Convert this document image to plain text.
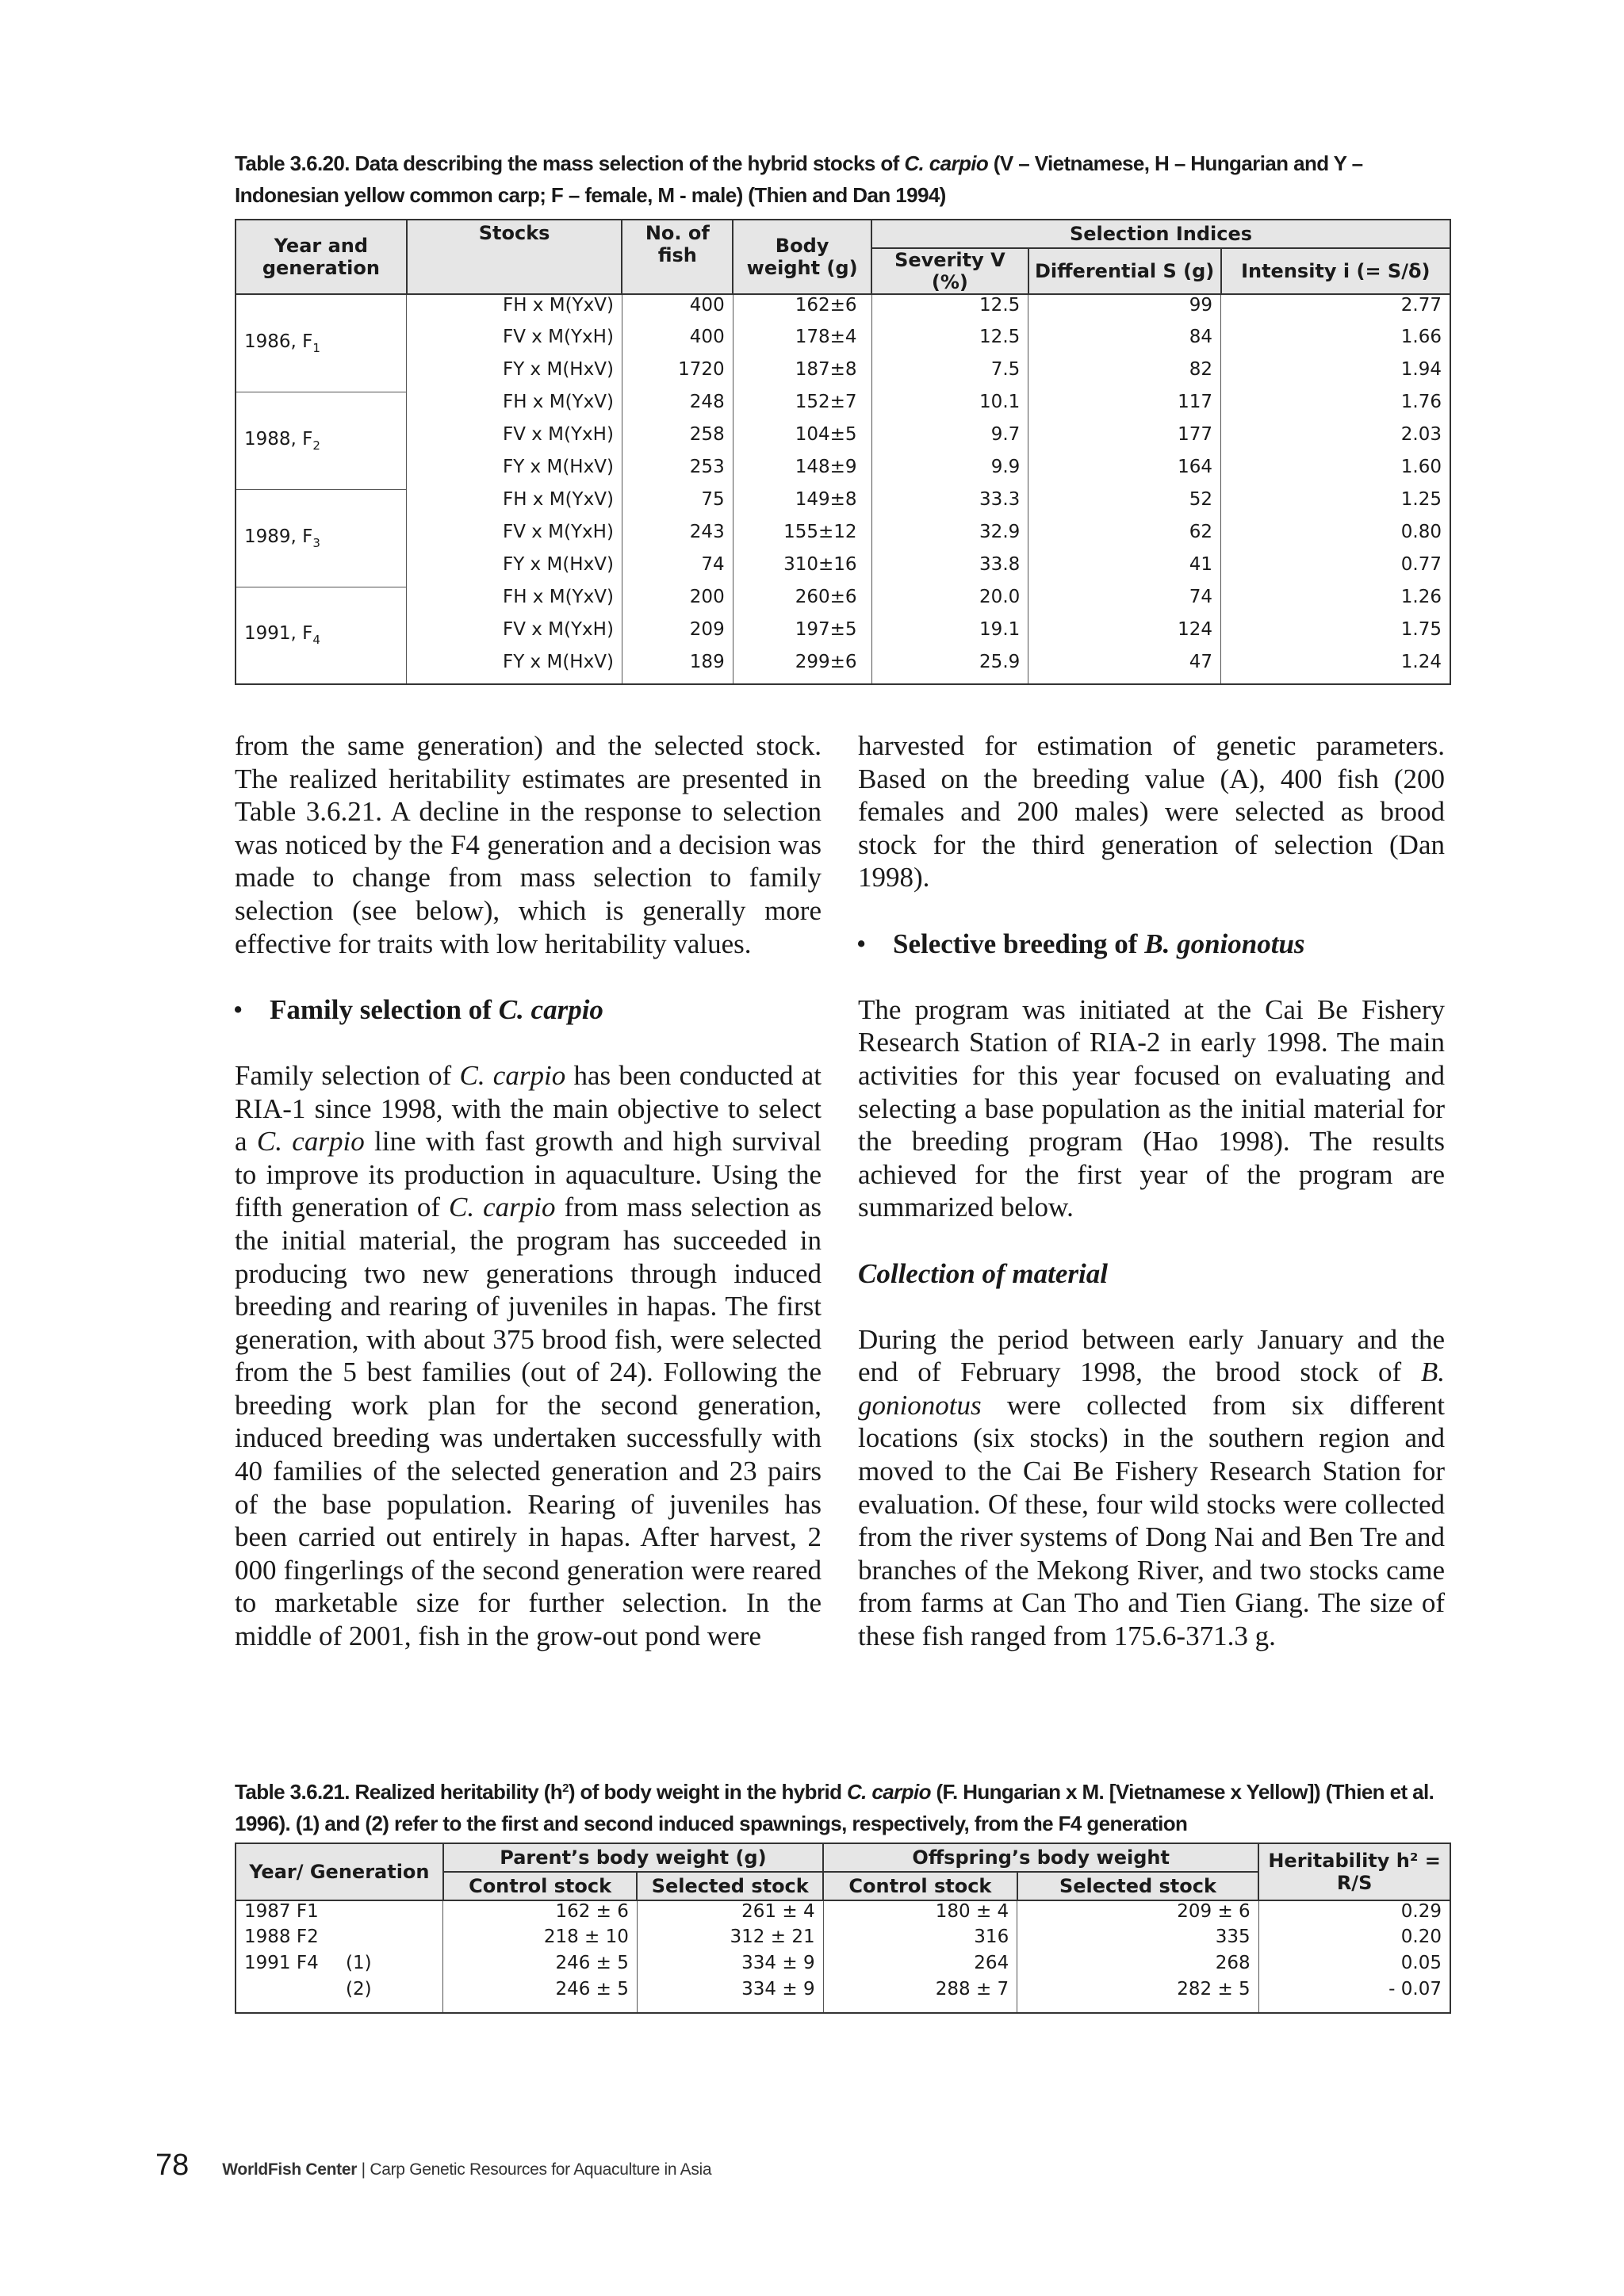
Table 3.6.20. Data describing the mass selection of the hybrid stocks of C. carpio (V – Vietnamese, H – Hungarian and Y – Indonesian yellow common carp; F – female, M - male) (Thien and Dan 1994)
Year and generation	Stocks	No. of fish	Body weight (g)	Selection Indices		
				Severity V (%)	Differential S (g)	Intensity i (= S/δ)
1986, $F_1$	FH x M(YxV)	400	162±6	12.5	99	2.77
	FV x M(YxH)	400	178±4	12.5	84	1.66
	FY x M(HxV)	1720	187±8	7.5	82	1.94
1988, $F_2$	FH x M(YxV)	248	152±7	10.1	117	1.76
	FV x M(YxH)	258	104±5	9.7	177	2.03
	FY x M(HxV)	253	148±9	9.9	164	1.60
1989, $F_3$	FH x M(YxV)	75	149±8	33.3	52	1.25
	FV x M(YxH)	243	155±12	32.9	62	0.80
	FY x M(HxV)	74	310±16	33.8	41	0.77
1991, $F_4$	FH x M(YxV)	200	260±6	20.0	74	1.26
	FV x M(YxH)	209	197±5	19.1	124	1.75
	FY x M(HxV)	189	299±6	25.9	47	1.24

from the same generation) and the selected stock. The realized heritability estimates are presented in Table 3.6.21. A decline in the response to selection was noticed by the F4 generation and a decision was made to change from mass selection to family selection (see below), which is generally more effective for traits with low heritability values.

• Family selection of C. carpio

Family selection of C. carpio has been conducted at RIA-1 since 1998, with the main objective to select a C. carpio line with fast growth and high survival to improve its production in aquaculture. Using the fifth generation of C. carpio from mass selection as the initial material, the program has succeeded in producing two new generations through induced breeding and rearing of juveniles in hapas. The first generation, with about 375 brood fish, were selected from the 5 best families (out of 24). Following the breeding work plan for the second generation, induced breeding was undertaken successfully with 40 families of the selected generation and 23 pairs of the base population. Rearing of juveniles has been carried out entirely in hapas. After harvest, 2 000 fingerlings of the second generation were reared to marketable size for further selection. In the middle of 2001, fish in the grow-out pond were

harvested for estimation of genetic parameters. Based on the breeding value (A), 400 fish (200 females and 200 males) were selected as brood stock for the third generation of selection (Dan 1998).

• Selective breeding of B. gonionotus

The program was initiated at the Cai Be Fishery Research Station of RIA-2 in early 1998. The main activities for this year focused on evaluating and selecting a base population as the initial material for the breeding program (Hao 1998). The results achieved for the first year of the program are summarized below.

Collection of material

During the period between early January and the end of February 1998, the brood stock of B. gonionotus were collected from six different locations (six stocks) in the southern region and moved to the Cai Be Fishery Research Station for evaluation. Of these, four wild stocks were collected from the river systems of Dong Nai and Ben Tre and branches of the Mekong River, and two stocks came from farms at Can Tho and Tien Giang. The size of these fish ranged from 175.6-371.3 g.

Table 3.6.21. Realized heritability $(h^2)$ of body weight in the hybrid C. carpio (F. Hungarian x M. [Vietnamese x Yellow]) (Thien et al. 1996). (1) and (2) refer to the first and second induced spawnings, respectively, from the F4 generation
Year/ Generation	Parent’s body weight (g)		Offspring’s body weight		Heritability h² = R/S
	Control stock	Selected stock	Control stock	Selected stock	
1987 F1	162 ± 6	261 ± 4	180 ± 4	209 ± 6	0.29
1988 F2	218 ± 10	312 ± 21	316	335	0.20
1991 F4 (1)	246 ± 5	334 ± 9	264	268	0.05
(2)	246 ± 5	334 ± 9	288 ± 7	282 ± 5	- 0.07

78 WorldFish Center | Carp Genetic Resources for Aquaculture in Asia
